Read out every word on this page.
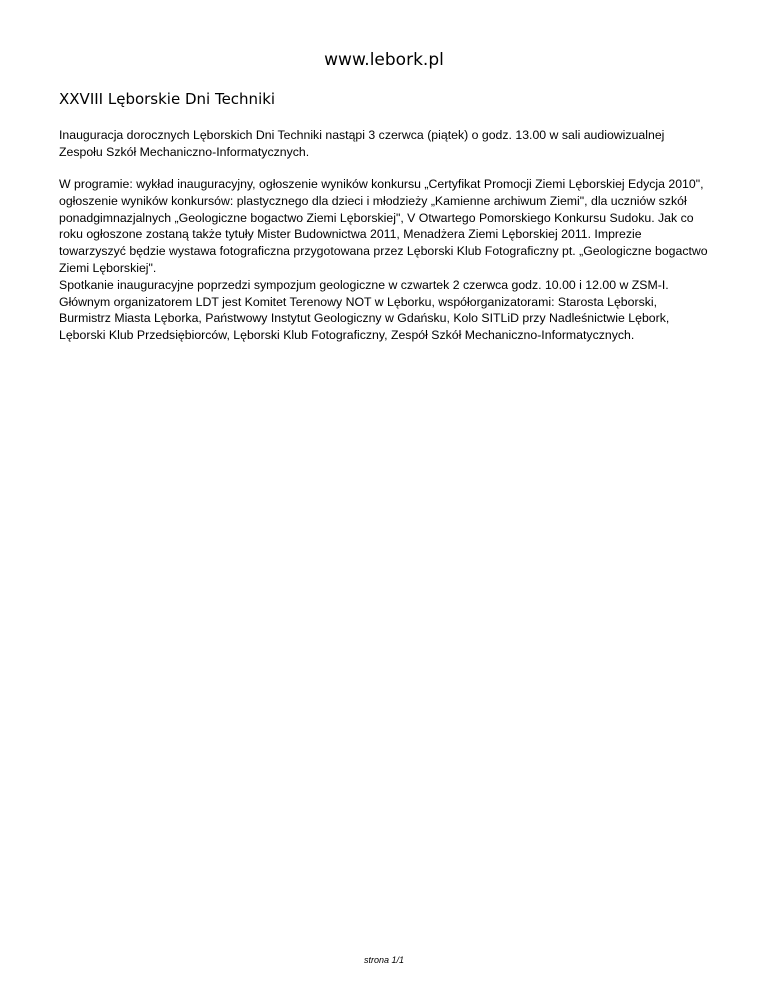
www.lebork.pl
XXVIII Lęborskie Dni Techniki

Inauguracja dorocznych Lęborskich Dni Techniki nastąpi 3 czerwca (piątek) o godz. 13.00 w sali audiowizualnej Zespołu Szkół Mechaniczno-Informatycznych.

W programie: wykład inauguracyjny, ogłoszenie wyników konkursu „Certyfikat Promocji Ziemi Lęborskiej Edycja 2010", ogłoszenie wyników konkursów: plastycznego dla dzieci i młodzieży „Kamienne archiwum Ziemi", dla uczniów szkół ponadgimnazjalnych „Geologiczne bogactwo Ziemi Lęborskiej", V Otwartego Pomorskiego Konkursu Sudoku. Jak co roku ogłoszone zostaną także tytuły Mister Budownictwa 2011, Menadżera Ziemi Lęborskiej 2011. Imprezie towarzyszyć będzie wystawa fotograficzna przygotowana przez Lęborski Klub Fotograficzny pt. „Geologiczne bogactwo Ziemi Lęborskiej".

Spotkanie inauguracyjne poprzedzi sympozjum geologiczne w czwartek 2 czerwca godz. 10.00 i 12.00 w ZSM-I.

Głównym organizatorem LDT jest Komitet Terenowy NOT w Lęborku, współorganizatorami: Starosta Lęborski, Burmistrz Miasta Lęborka, Państwowy Instytut Geologiczny w Gdańsku, Kolo SITLiD przy Nadleśnictwie Lębork, Lęborski Klub Przedsiębiorców, Lęborski Klub Fotograficzny, Zespół Szkół Mechaniczno-Informatycznych.

strona 1/1
